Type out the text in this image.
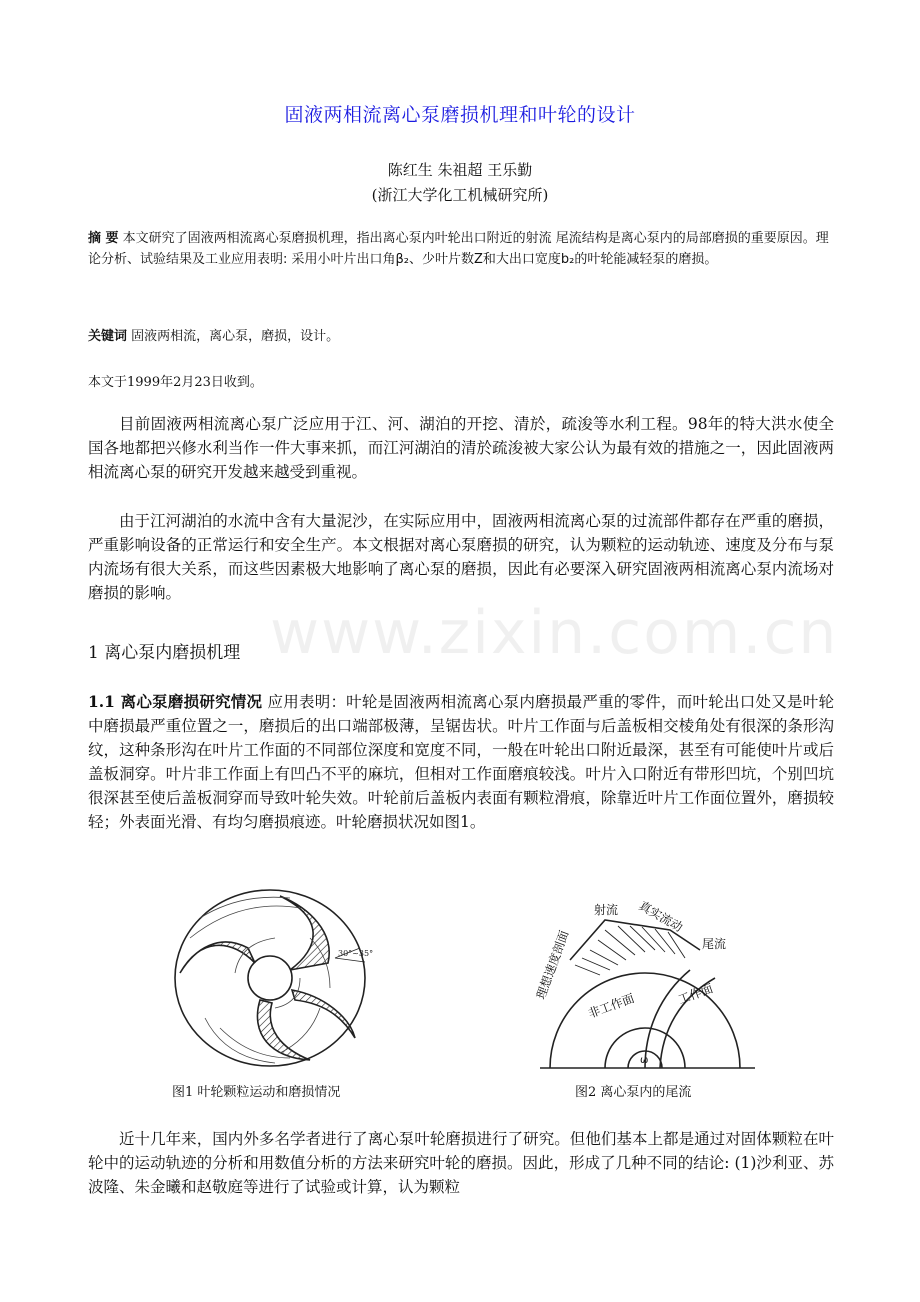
www.zixin.com.cn
固液两相流离心泵磨损机理和叶轮的设计
陈红生 朱祖超 王乐勤
(浙江大学化工机械研究所)
摘 要 本文研究了固液两相流离心泵磨损机理，指出离心泵内叶轮出口附近的射流 尾流结构是离心泵内的局部磨损的重要原因。理论分析、试验结果及工业应用表明: 采用小叶片出口角β₂、少叶片数Z和大出口宽度b₂的叶轮能减轻泵的磨损。
关键词 固液两相流，离心泵，磨损，设计。
本文于1999年2月23日收到。
目前固液两相流离心泵广泛应用于江、河、湖泊的开挖、清於，疏浚等水利工程。98年的特大洪水使全国各地都把兴修水利当作一件大事来抓，而江河湖泊的清於疏浚被大家公认为最有效的措施之一，因此固液两相流离心泵的研究开发越来越受到重视。
由于江河湖泊的水流中含有大量泥沙，在实际应用中，固液两相流离心泵的过流部件都存在严重的磨损，严重影响设备的正常运行和安全生产。本文根据对离心泵磨损的研究，认为颗粒的运动轨迹、速度及分布与泵内流场有很大关系，而这些因素极大地影响了离心泵的磨损，因此有必要深入研究固液两相流离心泵内流场对磨损的影响。
1 离心泵内磨损机理
1.1 离心泵磨损研究情况 应用表明：叶轮是固液两相流离心泵内磨损最严重的零件，而叶轮出口处又是叶轮中磨损最严重位置之一，磨损后的出口端部极薄，呈锯齿状。叶片工作面与后盖板相交棱角处有很深的条形沟纹，这种条形沟在叶片工作面的不同部位深度和宽度不同，一般在叶轮出口附近最深，甚至有可能使叶片或后盖板洞穿。叶片非工作面上有凹凸不平的麻坑，但相对工作面磨痕较浅。叶片入口附近有带形凹坑，个别凹坑很深甚至使后盖板洞穿而导致叶轮失效。叶轮前后盖板内表面有颗粒滑痕，除靠近叶片工作面位置外，磨损较轻；外表面光滑、有均匀磨损痕迹。叶轮磨损状况如图1。
30°~35°
图1 叶轮颗粒运动和磨损情况
射流 真实流动
尾流
理想速度剖面
非工作面	工作面
ω
图2 离心泵内的尾流
近十几年来，国内外多名学者进行了离心泵叶轮磨损进行了研究。但他们基本上都是通过对固体颗粒在叶轮中的运动轨迹的分析和用数值分析的方法来研究叶轮的磨损。因此，形成了几种不同的结论: (1)沙利亚、苏波隆、朱金曦和赵敬庭等进行了试验或计算，认为颗粒
